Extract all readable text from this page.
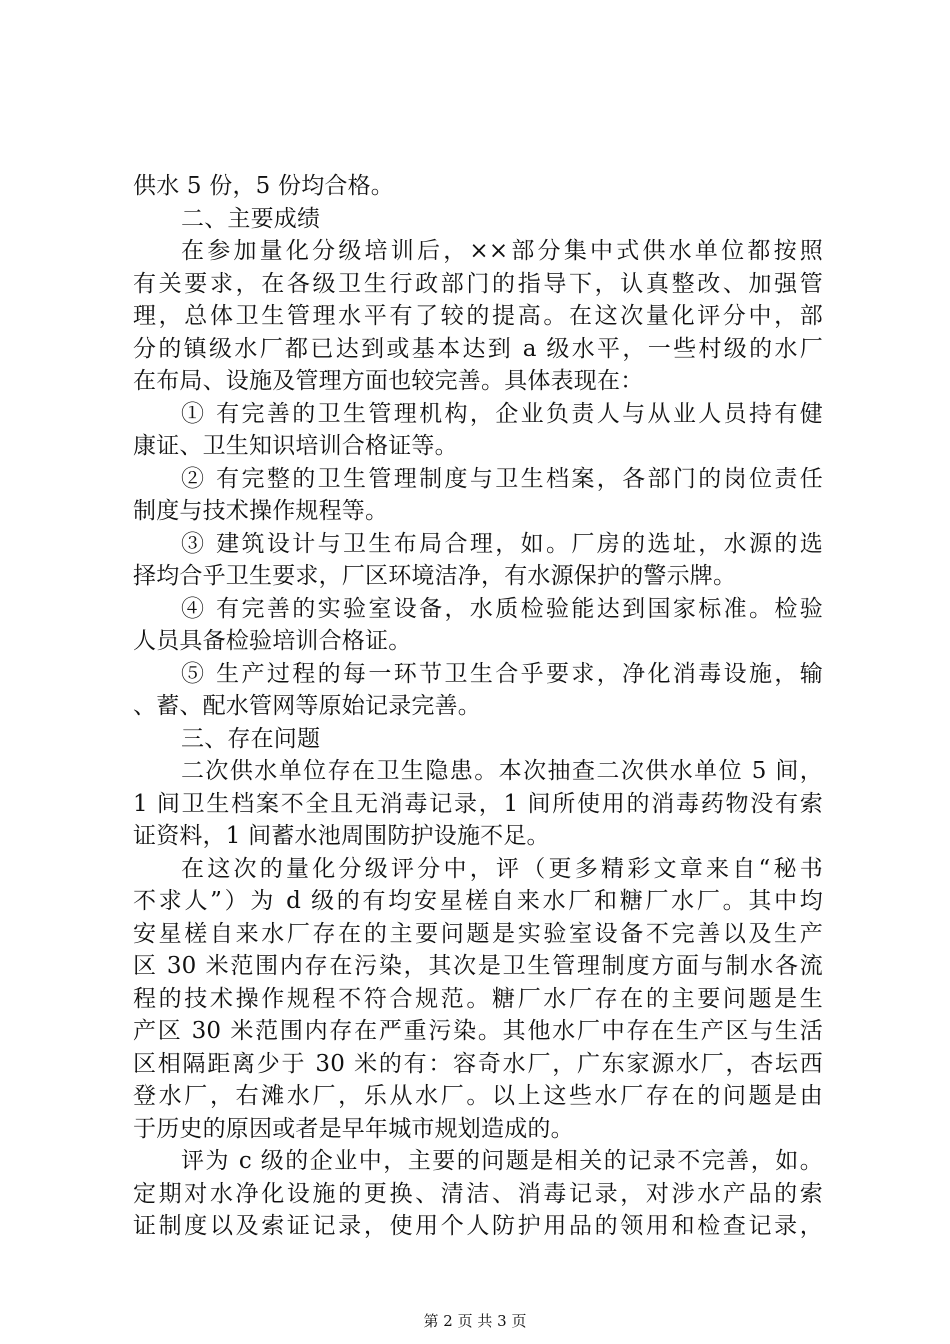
供水 5 份，5 份均合格。
二、主要成绩
在参加量化分级培训后，××部分集中式供水单位都按照
有关要求，在各级卫生行政部门的指导下，认真整改、加强管
理，总体卫生管理水平有了较的提高。在这次量化评分中，部
分的镇级水厂都已达到或基本达到 a 级水平，一些村级的水厂
在布局、设施及管理方面也较完善。具体表现在：
① 有完善的卫生管理机构，企业负责人与从业人员持有健
康证、卫生知识培训合格证等。
② 有完整的卫生管理制度与卫生档案，各部门的岗位责任
制度与技术操作规程等。
③ 建筑设计与卫生布局合理，如。厂房的选址，水源的选
择均合乎卫生要求，厂区环境洁净，有水源保护的警示牌。
④ 有完善的实验室设备，水质检验能达到国家标准。检验
人员具备检验培训合格证。
⑤ 生产过程的每一环节卫生合乎要求，净化消毒设施，输
、蓄、配水管网等原始记录完善。
三、存在问题
二次供水单位存在卫生隐患。本次抽查二次供水单位 5 间，
1 间卫生档案不全且无消毒记录，1 间所使用的消毒药物没有索
证资料，1 间蓄水池周围防护设施不足。
在这次的量化分级评分中，评（更多精彩文章来自“秘书
不求人”）为 d 级的有均安星槎自来水厂和糖厂水厂。其中均
安星槎自来水厂存在的主要问题是实验室设备不完善以及生产
区 30 米范围内存在污染，其次是卫生管理制度方面与制水各流
程的技术操作规程不符合规范。糖厂水厂存在的主要问题是生
产区 30 米范围内存在严重污染。其他水厂中存在生产区与生活
区相隔距离少于 30 米的有：容奇水厂，广东家源水厂，杏坛西
登水厂，右滩水厂，乐从水厂。以上这些水厂存在的问题是由
于历史的原因或者是早年城市规划造成的。
评为 c 级的企业中，主要的问题是相关的记录不完善，如。
定期对水净化设施的更换、清洁、消毒记录，对涉水产品的索
证制度以及索证记录，使用个人防护用品的领用和检查记录，
第 2 页 共 3 页
